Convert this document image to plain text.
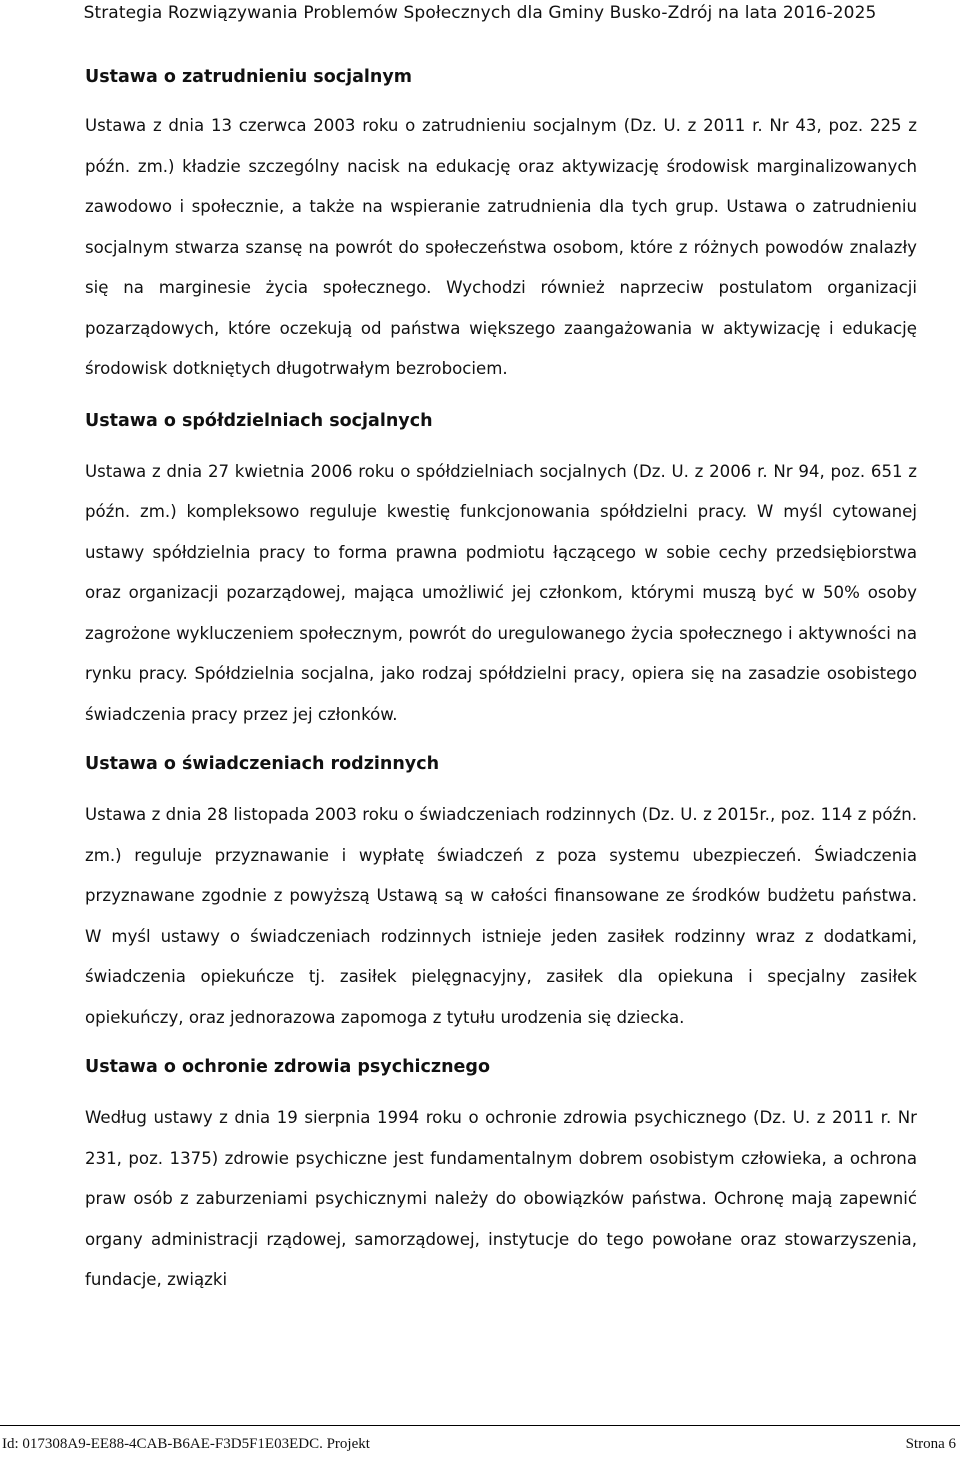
Strategia Rozwiązywania Problemów Społecznych dla Gminy Busko-Zdrój na lata 2016-2025
Ustawa o zatrudnieniu socjalnym

Ustawa z dnia 13 czerwca 2003 roku o zatrudnieniu socjalnym (Dz. U. z 2011 r. Nr 43, poz. 225 z późn. zm.) kładzie szczególny nacisk na edukację oraz aktywizację środowisk marginalizowanych zawodowo i społecznie, a także na wspieranie zatrudnienia dla tych grup. Ustawa o zatrudnieniu socjalnym stwarza szansę na powrót do społeczeństwa osobom, które z różnych powodów znalazły się na marginesie życia społecznego. Wychodzi również naprzeciw postulatom organizacji pozarządowych, które oczekują od państwa większego zaangażowania w aktywizację i edukację środowisk dotkniętych długotrwałym bezrobociem.

Ustawa o spółdzielniach socjalnych

Ustawa z dnia 27 kwietnia 2006 roku o spółdzielniach socjalnych (Dz. U. z 2006 r. Nr 94, poz. 651 z późn. zm.) kompleksowo reguluje kwestię funkcjonowania spółdzielni pracy. W myśl cytowanej ustawy spółdzielnia pracy to forma prawna podmiotu łączącego w sobie cechy przedsiębiorstwa oraz organizacji pozarządowej, mająca umożliwić jej członkom, którymi muszą być w 50% osoby zagrożone wykluczeniem społecznym, powrót do uregulowanego życia społecznego i aktywności na rynku pracy. Spółdzielnia socjalna, jako rodzaj spółdzielni pracy, opiera się na zasadzie osobistego świadczenia pracy przez jej członków.

Ustawa o świadczeniach rodzinnych

Ustawa z dnia 28 listopada 2003 roku o świadczeniach rodzinnych (Dz. U. z 2015r., poz. 114 z późn. zm.) reguluje przyznawanie i wypłatę świadczeń z poza systemu ubezpieczeń. Świadczenia przyznawane zgodnie z powyższą Ustawą są w całości finansowane ze środków budżetu państwa. W myśl ustawy o świadczeniach rodzinnych istnieje jeden zasiłek rodzinny wraz z dodatkami, świadczenia opiekuńcze tj. zasiłek pielęgnacyjny, zasiłek dla opiekuna i specjalny zasiłek opiekuńczy, oraz jednorazowa zapomoga z tytułu urodzenia się dziecka.

Ustawa o ochronie zdrowia psychicznego

Według ustawy z dnia 19 sierpnia 1994 roku o ochronie zdrowia psychicznego (Dz. U. z 2011 r. Nr 231, poz. 1375) zdrowie psychiczne jest fundamentalnym dobrem osobistym człowieka, a ochrona praw osób z zaburzeniami psychicznymi należy do obowiązków państwa. Ochronę mają zapewnić organy administracji rządowej, samorządowej, instytucje do tego powołane oraz stowarzyszenia, fundacje, związki

Id: 017308A9-EE88-4CAB-B6AE-F3D5F1E03EDC. Projekt	Strona 6
